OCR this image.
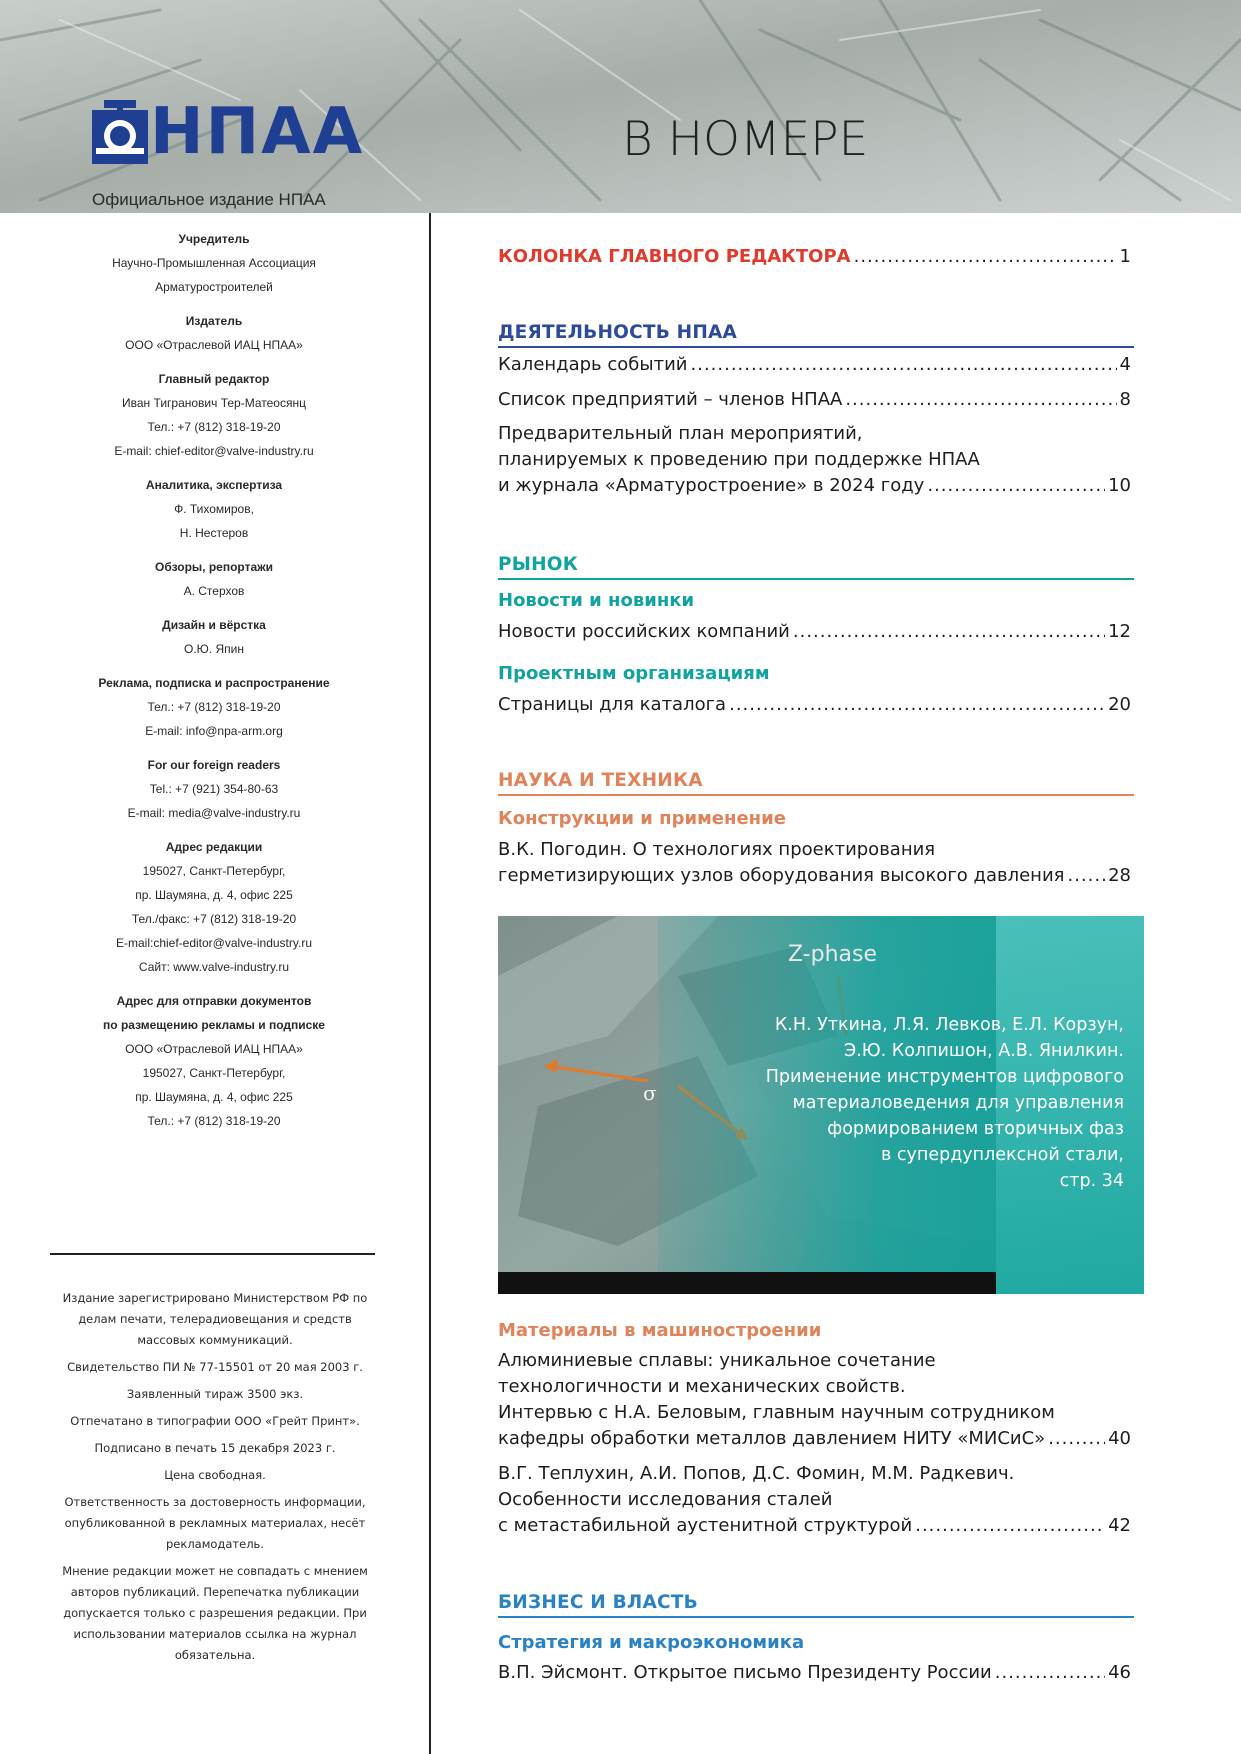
НПАА
Официальное издание НПАА
В НОМЕРЕ
Учредитель
Научно-Промышленная Ассоциация
Арматуростроителей
Издатель
ООО «Отраслевой ИАЦ НПАА»
Главный редактор
Иван Тигранович Тер-Матеосянц
Тел.: +7 (812) 318-19-20
E-mail: chief-editor@valve-industry.ru
Аналитика, экспертиза
Ф. Тихомиров,
Н. Нестеров
Обзоры, репортажи
А. Стерхов
Дизайн и вёрстка
О.Ю. Япин
Реклама, подписка и распространение
Тел.: +7 (812) 318-19-20
E-mail: info@npa-arm.org
For our foreign readers
Tel.: +7 (921) 354-80-63
E-mail: media@valve-industry.ru
Адрес редакции
195027, Санкт-Петербург,
пр. Шаумяна, д. 4, офис 225
Тел./факс: +7 (812) 318-19-20
E-mail:chief-editor@valve-industry.ru
Сайт: www.valve-industry.ru
Адрес для отправки документов
по размещению рекламы и подписке
ООО «Отраслевой ИАЦ НПАА»
195027, Санкт-Петербург,
пр. Шаумяна, д. 4, офис 225
Тел.: +7 (812) 318-19-20

Издание зарегистрировано Министерством РФ по делам печати, телерадиовещания и средств массовых коммуникаций.

Свидетельство ПИ № 77-15501 от 20 мая 2003 г.

Заявленный тираж 3500 экз.

Отпечатано в типографии ООО «Грейт Принт».

Подписано в печать 15 декабря 2023 г.

Цена свободная.

Ответственность за достоверность информации, опубликованной в рекламных материалах, несёт рекламодатель.

Мнение редакции может не совпадать с мнением авторов публикаций. Перепечатка публикации допускается только с разрешения редакции. При использовании материалов ссылка на журнал обязательна.

КОЛОНКА ГЛАВНОГО РЕДАКТОРА .....	1
ДЕЯТЕЛЬНОСТЬ НПАА
Календарь событий .....	4
Список предприятий – членов НПАА .....	8
Предварительный план мероприятий,
планируемых к проведению при поддержке НПАА
и журнала «Арматуростроение» в 2024 году .....	10
РЫНОК
Новости и новинки
Новости российских компаний .....	12
Проектным организациям
Страницы для каталога .....	20
НАУКА И ТЕХНИКА
Конструкции и применение
В.К. Погодин. О технологиях проектирования
герметизирующих узлов оборудования высокого давления ..... 28
Z-phase
σ
К.Н. Уткина, Л.Я. Левков, Е.Л. Корзун,
Э.Ю. Колпишон, А.В. Янилкин.
Применение инструментов цифрового
материаловедения для управления
формированием вторичных фаз
в супердуплексной стали,
стр. 34
Материалы в машиностроении
Алюминиевые сплавы: уникальное сочетание
технологичности и механических свойств.
Интервью с Н.А. Беловым, главным научным сотрудником
кафедры обработки металлов давлением НИТУ «МИСиС» .....	40
В.Г. Теплухин, А.И. Попов, Д.С. Фомин, М.М. Радкевич.
Особенности исследования сталей
с метастабильной аустенитной структурой .....	42
БИЗНЕС И ВЛАСТЬ
Стратегия и макроэкономика
В.П. Эйсмонт. Открытое письмо Президенту России .....	46
